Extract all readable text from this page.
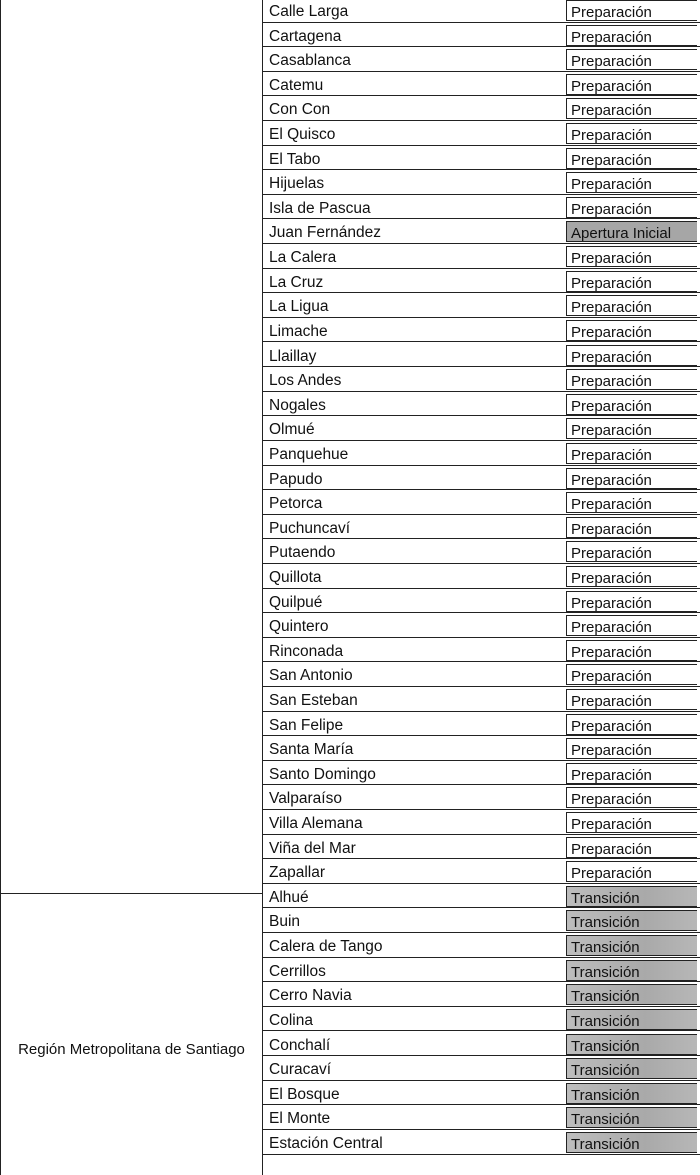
Región Metropolitana de Santiago
Calle Larga	Preparación
Cartagena	Preparación
Casablanca	Preparación
Catemu	Preparación
Con Con	Preparación
El Quisco	Preparación
El Tabo	Preparación
Hijuelas	Preparación
Isla de Pascua	Preparación
Juan Fernández	Apertura Inicial
La Calera	Preparación
La Cruz	Preparación
La Ligua	Preparación
Limache	Preparación
Llaillay	Preparación
Los Andes	Preparación
Nogales	Preparación
Olmué	Preparación
Panquehue	Preparación
Papudo	Preparación
Petorca	Preparación
Puchuncaví	Preparación
Putaendo	Preparación
Quillota	Preparación
Quilpué	Preparación
Quintero	Preparación
Rinconada	Preparación
San Antonio	Preparación
San Esteban	Preparación
San Felipe	Preparación
Santa María	Preparación
Santo Domingo	Preparación
Valparaíso	Preparación
Villa Alemana	Preparación
Viña del Mar	Preparación
Zapallar	Preparación
Alhué	Transición
Buin	Transición
Calera de Tango	Transición
Cerrillos	Transición
Cerro Navia	Transición
Colina	Transición
Conchalí	Transición
Curacaví	Transición
El Bosque	Transición
El Monte	Transición
Estación Central	Transición
